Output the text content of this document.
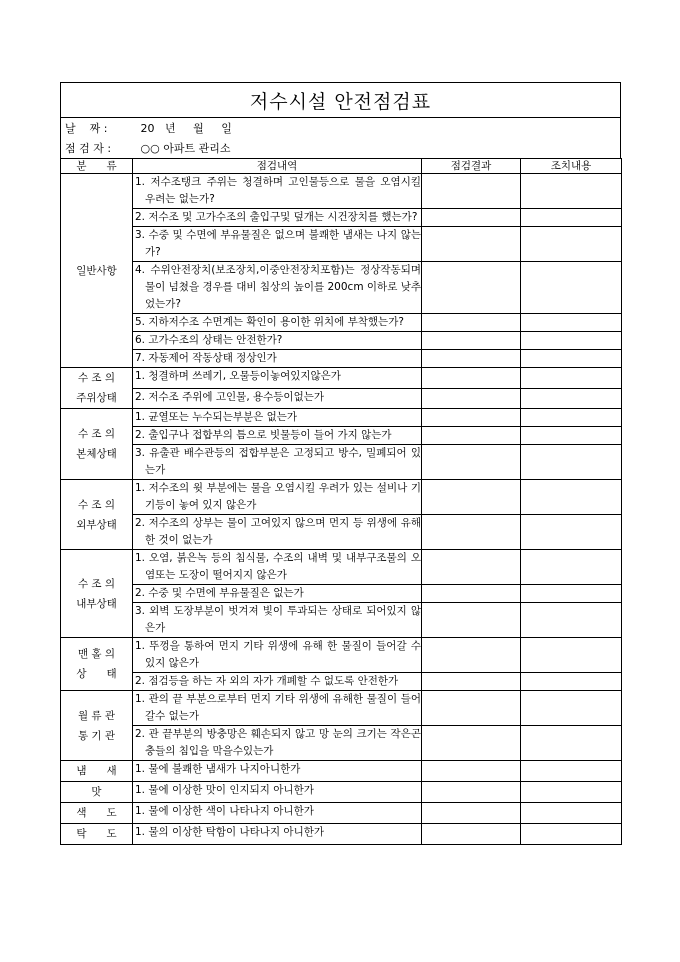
저수시설 안전점검표
날    짜 :	20   년     월     일
점 검 자 :	○○ 아파트 관리소
분      류	점검내역	점검결과	조치내용
일반사항	1. 저수조탱크 주위는 청결하며 고인물등으로 물을 오염시킬 우려는 없는가?		

	2. 저수조 및 고가수조의 출입구및 덮개는 시건장치를 했는가?		

	3. 수중 및 수면에 부유물질은 없으며 불쾌한 냄새는 나지 않는가?		

	4. 수위안전장치(보조장치,이중안전장치포함)는 정상작동되며 물이 넘쳤을 경우를 대비 침상의 높이를 200cm 이하로 낮추었는가?		

	5. 지하저수조 수면계는 확인이 용이한 위치에 부착했는가?		

	6. 고가수조의 상태는 안전한가?		

	7. 자동제어 작동상태 정상인가		

수 조 의
주위상태	1. 청결하며 쓰레기, 오물등이놓여있지않은가		

	2. 저수조 주위에 고인물, 용수등이없는가		

수 조 의
본체상태	1. 균열또는 누수되는부분은 없는가		

	2. 출입구나 접합부의 틈으로 빗물등이 들어 가지 않는가		

	3. 유출관 배수관등의 접합부분은 고정되고 방수, 밀폐되어 있는가		

수 조 의
외부상태	1. 저수조의 윗 부분에는 물을 오염시킬 우려가 있는 설비나 기기등이 놓여 있지 않은가		

	2. 저수조의 상부는 물이 고여있지 않으며 먼지 등 위생에 유해한 것이 없는가		

수 조 의
내부상태	1. 오염, 붉은녹 등의 침식물, 수조의 내벽 및 내부구조물의 오염또는 도장이 떨어지지 않은가		

	2. 수중 및 수면에 부유물질은 없는가		

	3. 외벽 도장부분이 벗겨져 빛이 투과되는 상태로 되어있지 않은가		

맨 홀 의
상      태	1. 뚜껑을 통하여 먼지 기타 위생에 유해 한 물질이 들어갈 수 있지 않은가		

	2. 점검등을 하는 자 외의 자가 개폐할 수 없도록 안전한가		

월 류 관
통 기 관	1. 관의 끝 부분으로부터 먼지 기타 위생에 유해한 물질이 들어갈수 없는가		

	2. 관 끝부분의 방충망은 훼손되지 않고 망 눈의 크기는 작은곤충들의 침입을 막을수있는가		

냄      새	1. 물에 불쾌한 냄새가 나지아니한가		

맛	1. 물에 이상한 맛이 인지되지 아니한가		

색      도	1. 물에 이상한 색이 나타나지 아니한가		

탁      도	1. 물의 이상한 탁함이 나타나지 아니한가		
